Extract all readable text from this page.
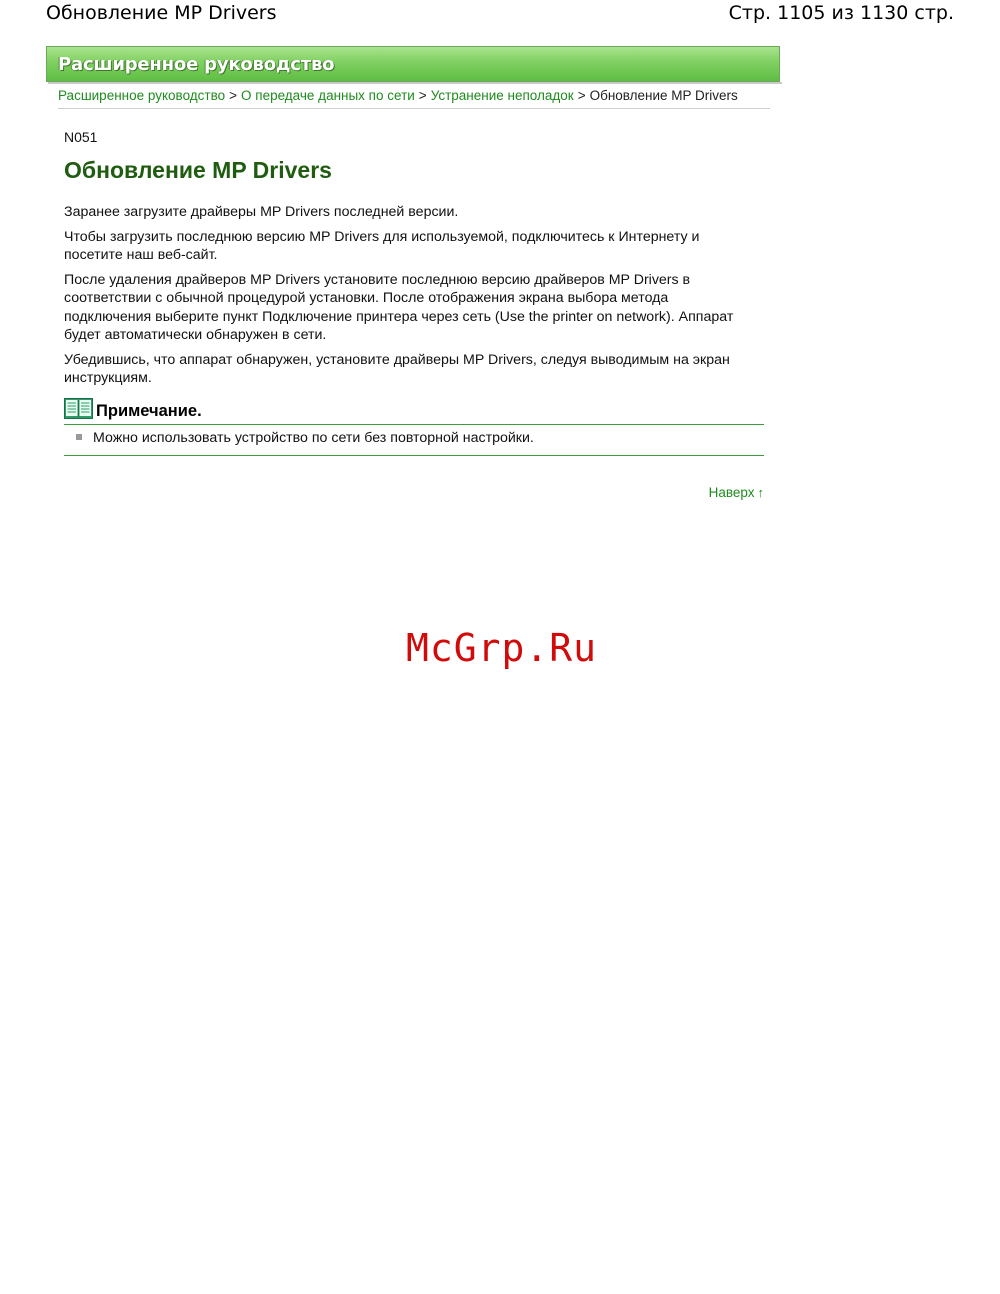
Обновление MP Drivers	Стр. 1105 из 1130 стр.
Расширенное руководство
Расширенное руководство > О передаче данных по сети > Устранение неполадок > Обновление MP Drivers
N051
Обновление MP Drivers

Заранее загрузите драйверы MP Drivers последней версии.

Чтобы загрузить последнюю версию MP Drivers для используемой, подключитесь к Интернету и посетите наш веб-сайт.

После удаления драйверов MP Drivers установите последнюю версию драйверов MP Drivers в соответствии с обычной процедурой установки. После отображения экрана выбора метода подключения выберите пункт Подключение принтера через сеть (Use the printer on network). Аппарат будет автоматически обнаружен в сети.

Убедившись, что аппарат обнаружен, установите драйверы MP Drivers, следуя выводимым на экран инструкциям.

Примечание.
Можно использовать устройство по сети без повторной настройки.
Наверх ↑
McGrp.Ru
